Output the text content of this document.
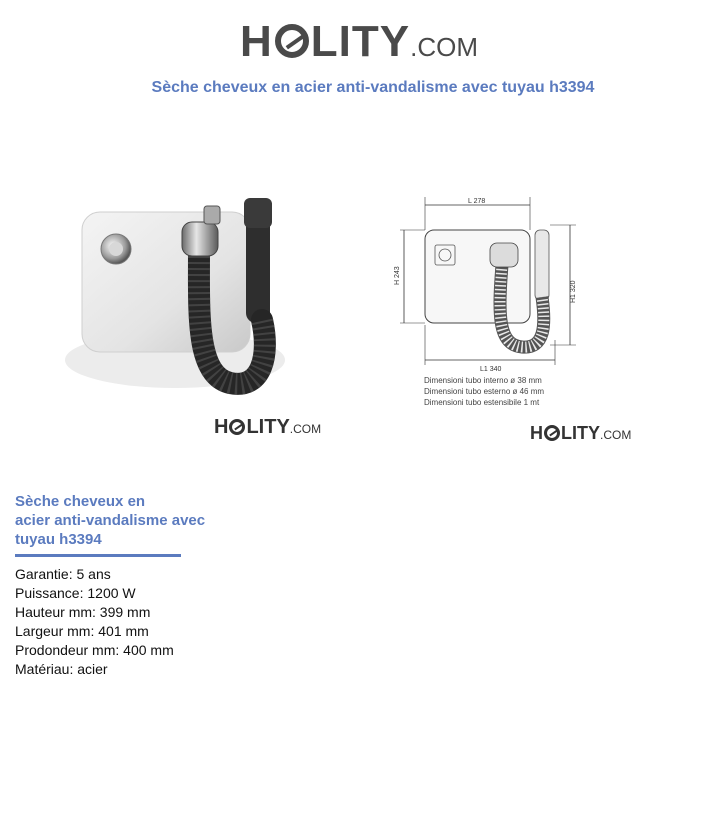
H LITY.COM
Sèche cheveux en acier anti-vandalisme avec tuyau h3394
H LITY.COM
L 278
H 243
H1 320
L1 340
Dimensioni tubo interno ø 38 mm
Dimensioni tubo esterno ø 46 mm
Dimensioni tubo estensibile 1 mt
H LITY.COM
Sèche cheveux en
acier anti-vandalisme avec
tuyau h3394
Garantie: 5 ans
Puissance: 1200 W
Hauteur mm: 399 mm
Largeur mm: 401 mm
Prodondeur mm: 400 mm
Matériau: acier
